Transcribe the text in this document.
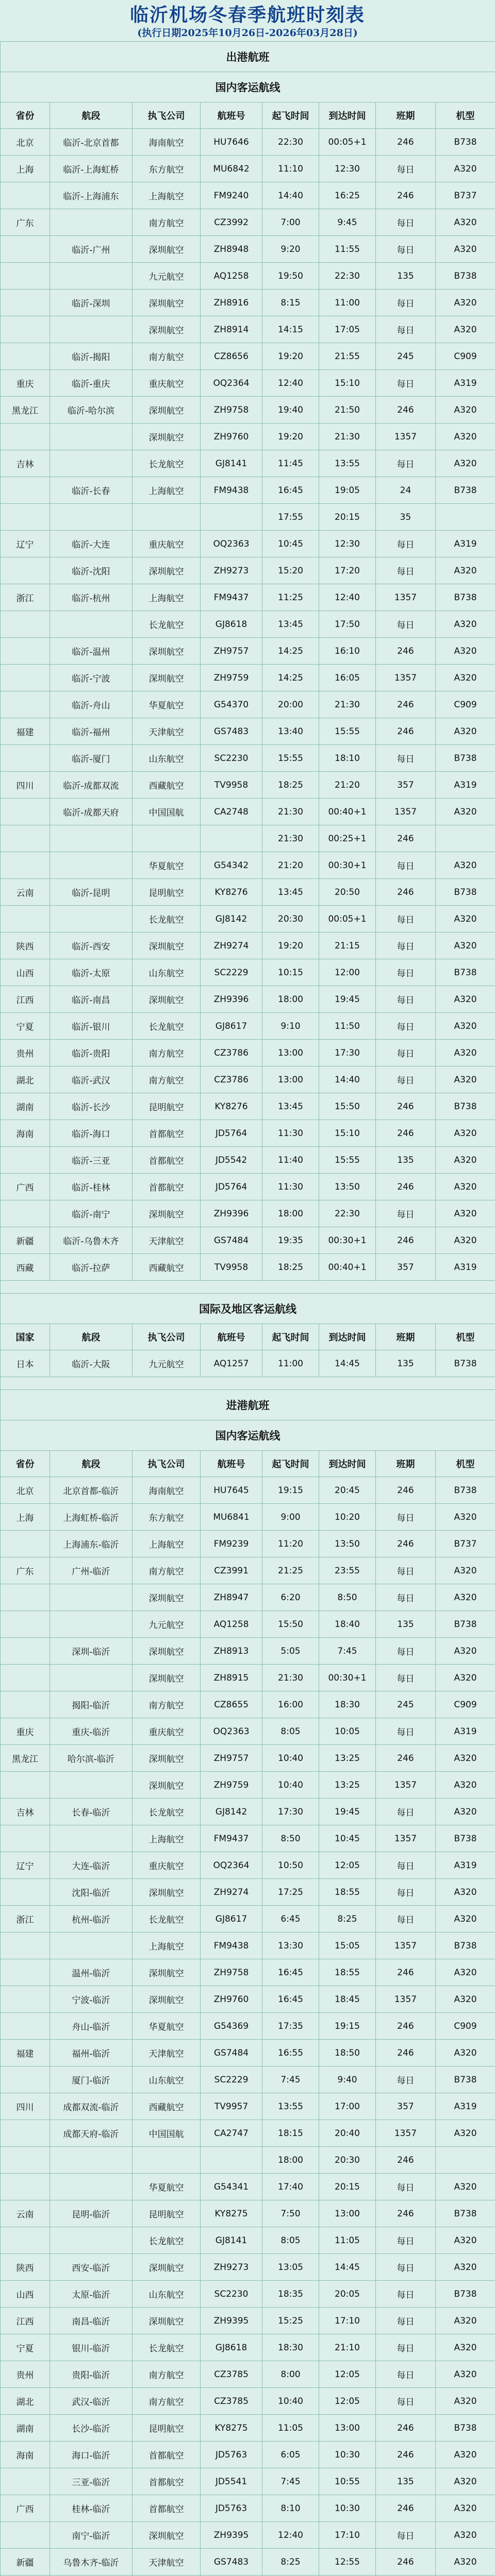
临沂机场冬春季航班时刻表
(执行日期2025年10月26日-2026年03月28日)
出港航班							
国内客运航线							
省份	航段	执飞公司	航班号	起飞时间	到达时间	班期	机型
北京	临沂-北京首都	海南航空	HU7646	22:30	00:05+1	246	B738
上海	临沂-上海虹桥	东方航空	MU6842	11:10	12:30	每日	A320
	临沂-上海浦东	上海航空	FM9240	14:40	16:25	246	B737
广东		南方航空	CZ3992	7:00	9:45	每日	A320
	临沂-广州	深圳航空	ZH8948	9:20	11:55	每日	A320
		九元航空	AQ1258	19:50	22:30	135	B738
	临沂-深圳	深圳航空	ZH8916	8:15	11:00	每日	A320
		深圳航空	ZH8914	14:15	17:05	每日	A320
	临沂-揭阳	南方航空	CZ8656	19:20	21:55	245	C909
重庆	临沂-重庆	重庆航空	OQ2364	12:40	15:10	每日	A319
黑龙江	临沂-哈尔滨	深圳航空	ZH9758	19:40	21:50	246	A320
		深圳航空	ZH9760	19:20	21:30	1357	A320
吉林		长龙航空	GJ8141	11:45	13:55	每日	A320
	临沂-长春	上海航空	FM9438	16:45	19:05	24	B738
				17:55	20:15	35	
辽宁	临沂-大连	重庆航空	OQ2363	10:45	12:30	每日	A319
	临沂-沈阳	深圳航空	ZH9273	15:20	17:20	每日	A320
浙江	临沂-杭州	上海航空	FM9437	11:25	12:40	1357	B738
		长龙航空	GJ8618	13:45	17:50	每日	A320
	临沂-温州	深圳航空	ZH9757	14:25	16:10	246	A320
	临沂-宁波	深圳航空	ZH9759	14:25	16:05	1357	A320
	临沂-舟山	华夏航空	G54370	20:00	21:30	246	C909
福建	临沂-福州	天津航空	GS7483	13:40	15:55	246	A320
	临沂-厦门	山东航空	SC2230	15:55	18:10	每日	B738
四川	临沂-成都双流	西藏航空	TV9958	18:25	21:20	357	A319
	临沂-成都天府	中国国航	CA2748	21:30	00:40+1	1357	A320
				21:30	00:25+1	246	
		华夏航空	G54342	21:20	00:30+1	每日	A320
云南	临沂-昆明	昆明航空	KY8276	13:45	20:50	246	B738
		长龙航空	GJ8142	20:30	00:05+1	每日	A320
陕西	临沂-西安	深圳航空	ZH9274	19:20	21:15	每日	A320
山西	临沂-太原	山东航空	SC2229	10:15	12:00	每日	B738
江西	临沂-南昌	深圳航空	ZH9396	18:00	19:45	每日	A320
宁夏	临沂-银川	长龙航空	GJ8617	9:10	11:50	每日	A320
贵州	临沂-贵阳	南方航空	CZ3786	13:00	17:30	每日	A320
湖北	临沂-武汉	南方航空	CZ3786	13:00	14:40	每日	A320
湖南	临沂-长沙	昆明航空	KY8276	13:45	15:50	246	B738
海南	临沂-海口	首都航空	JD5764	11:30	15:10	246	A320
	临沂-三亚	首都航空	JD5542	11:40	15:55	135	A320
广西	临沂-桂林	首都航空	JD5764	11:30	13:50	246	A320
	临沂-南宁	深圳航空	ZH9396	18:00	22:30	每日	A320
新疆	临沂-乌鲁木齐	天津航空	GS7484	19:35	00:30+1	246	A320
西藏	临沂-拉萨	西藏航空	TV9958	18:25	00:40+1	357	A319

国际及地区客运航线							
国家	航段	执飞公司	航班号	起飞时间	到达时间	班期	机型
日本	临沂-大阪	九元航空	AQ1257	11:00	14:45	135	B738

进港航班							
国内客运航线							
省份	航段	执飞公司	航班号	起飞时间	到达时间	班期	机型
北京	北京首都-临沂	海南航空	HU7645	19:15	20:45	246	B738
上海	上海虹桥-临沂	东方航空	MU6841	9:00	10:20	每日	A320
	上海浦东-临沂	上海航空	FM9239	11:20	13:50	246	B737
广东	广州-临沂	南方航空	CZ3991	21:25	23:55	每日	A320
		深圳航空	ZH8947	6:20	8:50	每日	A320
		九元航空	AQ1258	15:50	18:40	135	B738
	深圳-临沂	深圳航空	ZH8913	5:05	7:45	每日	A320
		深圳航空	ZH8915	21:30	00:30+1	每日	A320
	揭阳-临沂	南方航空	CZ8655	16:00	18:30	245	C909
重庆	重庆-临沂	重庆航空	OQ2363	8:05	10:05	每日	A319
黑龙江	哈尔滨-临沂	深圳航空	ZH9757	10:40	13:25	246	A320
		深圳航空	ZH9759	10:40	13:25	1357	A320
吉林	长春-临沂	长龙航空	GJ8142	17:30	19:45	每日	A320
		上海航空	FM9437	8:50	10:45	1357	B738
辽宁	大连-临沂	重庆航空	OQ2364	10:50	12:05	每日	A319
	沈阳-临沂	深圳航空	ZH9274	17:25	18:55	每日	A320
浙江	杭州-临沂	长龙航空	GJ8617	6:45	8:25	每日	A320
		上海航空	FM9438	13:30	15:05	1357	B738
	温州-临沂	深圳航空	ZH9758	16:45	18:55	246	A320
	宁波-临沂	深圳航空	ZH9760	16:45	18:45	1357	A320
	舟山-临沂	华夏航空	G54369	17:35	19:15	246	C909
福建	福州-临沂	天津航空	GS7484	16:55	18:50	246	A320
	厦门-临沂	山东航空	SC2229	7:45	9:40	每日	B738
四川	成都双流-临沂	西藏航空	TV9957	13:55	17:00	357	A319
	成都天府-临沂	中国国航	CA2747	18:15	20:40	1357	A320
				18:00	20:30	246	
		华夏航空	G54341	17:40	20:15	每日	A320
云南	昆明-临沂	昆明航空	KY8275	7:50	13:00	246	B738
		长龙航空	GJ8141	8:05	11:05	每日	A320
陕西	西安-临沂	深圳航空	ZH9273	13:05	14:45	每日	A320
山西	太原-临沂	山东航空	SC2230	18:35	20:05	每日	B738
江西	南昌-临沂	深圳航空	ZH9395	15:25	17:10	每日	A320
宁夏	银川-临沂	长龙航空	GJ8618	18:30	21:10	每日	A320
贵州	贵阳-临沂	南方航空	CZ3785	8:00	12:05	每日	A320
湖北	武汉-临沂	南方航空	CZ3785	10:40	12:05	每日	A320
湖南	长沙-临沂	昆明航空	KY8275	11:05	13:00	246	B738
海南	海口-临沂	首都航空	JD5763	6:05	10:30	246	A320
	三亚-临沂	首都航空	JD5541	7:45	10:55	135	A320
广西	桂林-临沂	首都航空	JD5763	8:10	10:30	246	A320
	南宁-临沂	深圳航空	ZH9395	12:40	17:10	每日	A320
新疆	乌鲁木齐-临沂	天津航空	GS7483	8:25	12:55	246	A320
